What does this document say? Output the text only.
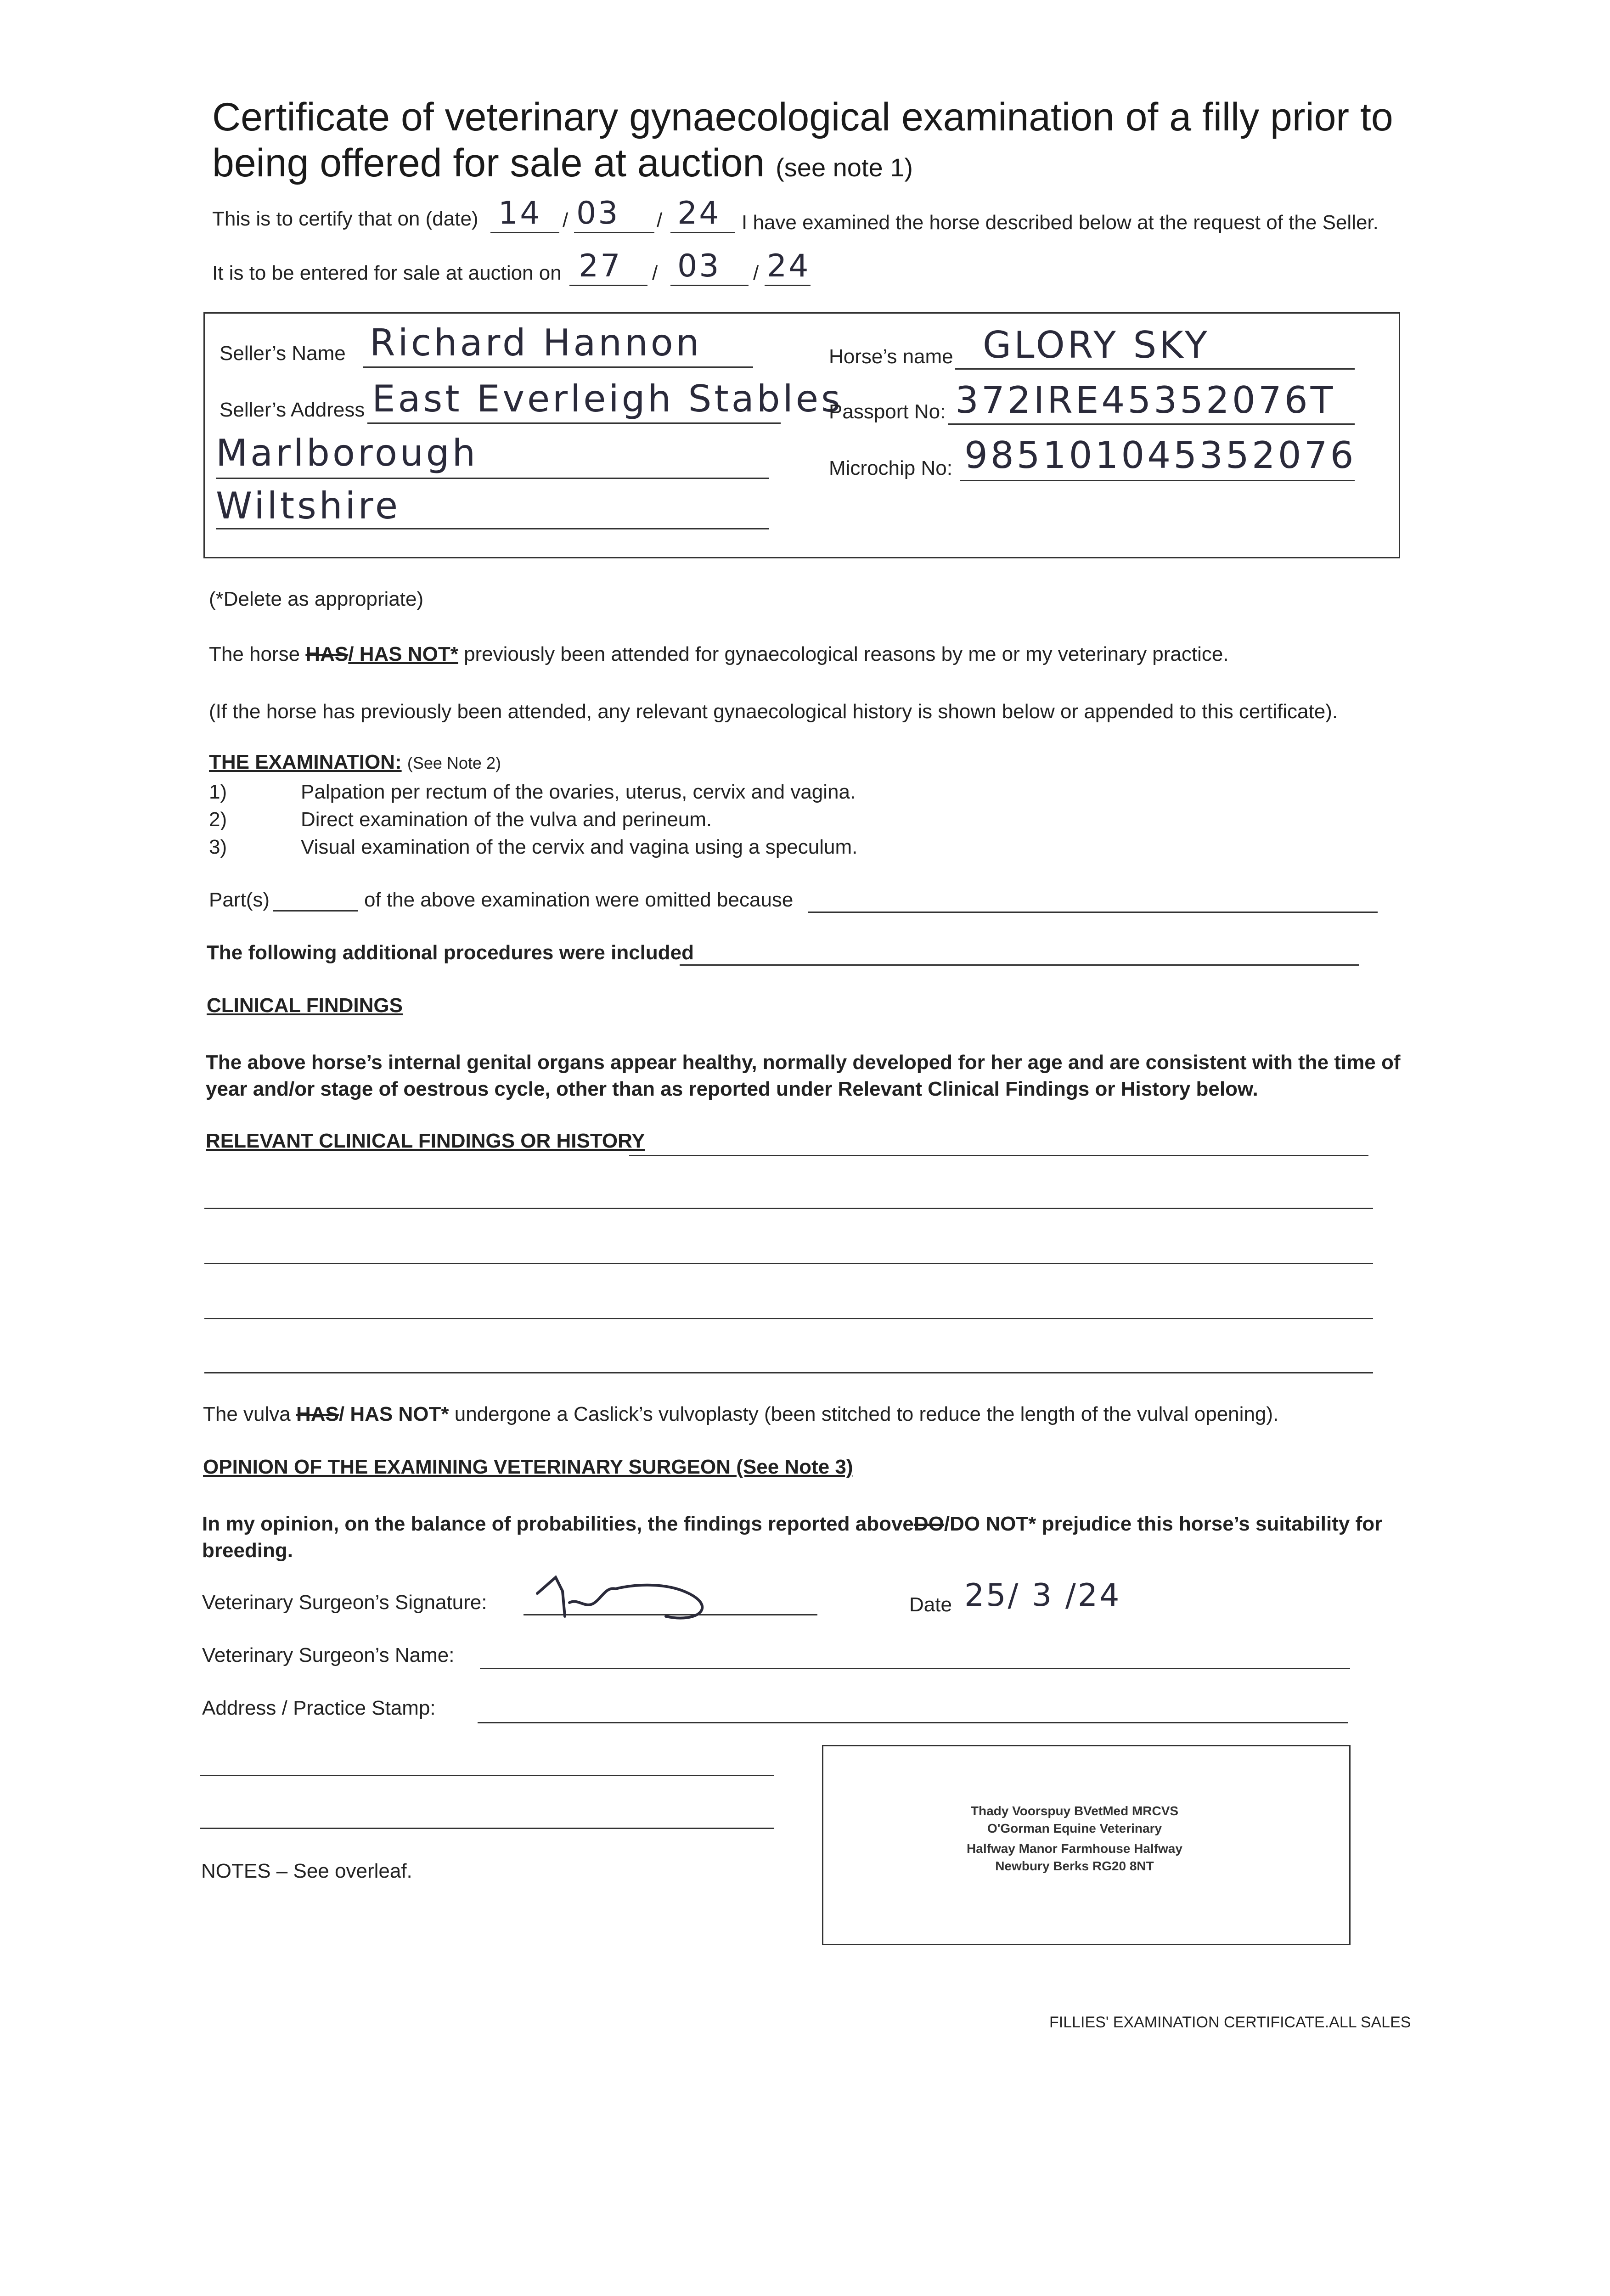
Certificate of veterinary gynaecological examination of a filly prior to being offered for sale at auction (see note 1)
This is to certify that on (date) 14 / 03 / 24 I have examined the horse described below at the request of the Seller.
It is to be entered for sale at auction on 27 / 03 / 24
Seller’s Name Richard Hannon
Seller’s Address East Everleigh Stables
Marlborough
Wiltshire
Horse’s name GLORY SKY
Passport No: 372IRE45352076T
Microchip No: 985101045352076
(*Delete as appropriate)
The horse HAS/ HAS NOT* previously been attended for gynaecological reasons by me or my veterinary practice.
(If the horse has previously been attended, any relevant gynaecological history is shown below or appended to this certificate).
THE EXAMINATION: (See Note 2)
1)	Palpation per rectum of the ovaries, uterus, cervix and vagina.
2)	Direct examination of the vulva and perineum.
3)	Visual examination of the cervix and vagina using a speculum.
Part(s)	of the above examination were omitted because
The following additional procedures were included
CLINICAL FINDINGS
The above horse’s internal genital organs appear healthy, normally developed for her age and are consistent with the time of year and/or stage of oestrous cycle, other than as reported under Relevant Clinical Findings or History below.
RELEVANT CLINICAL FINDINGS OR HISTORY
The vulva HAS/ HAS NOT* undergone a Caslick’s vulvoplasty (been stitched to reduce the length of the vulval opening).
OPINION OF THE EXAMINING VETERINARY SURGEON (See Note 3)
In my opinion, on the balance of probabilities, the findings reported aboveDO/DO NOT* prejudice this horse’s suitability for breeding.
Veterinary Surgeon’s Signature:	Date 25/ 3 /24
Veterinary Surgeon’s Name:
Address / Practice Stamp:
NOTES – See overleaf.
Thady Voorspuy BVetMed MRCVS
O'Gorman Equine Veterinary
Halfway Manor Farmhouse Halfway
Newbury Berks RG20 8NT
FILLIES' EXAMINATION CERTIFICATE.ALL SALES
